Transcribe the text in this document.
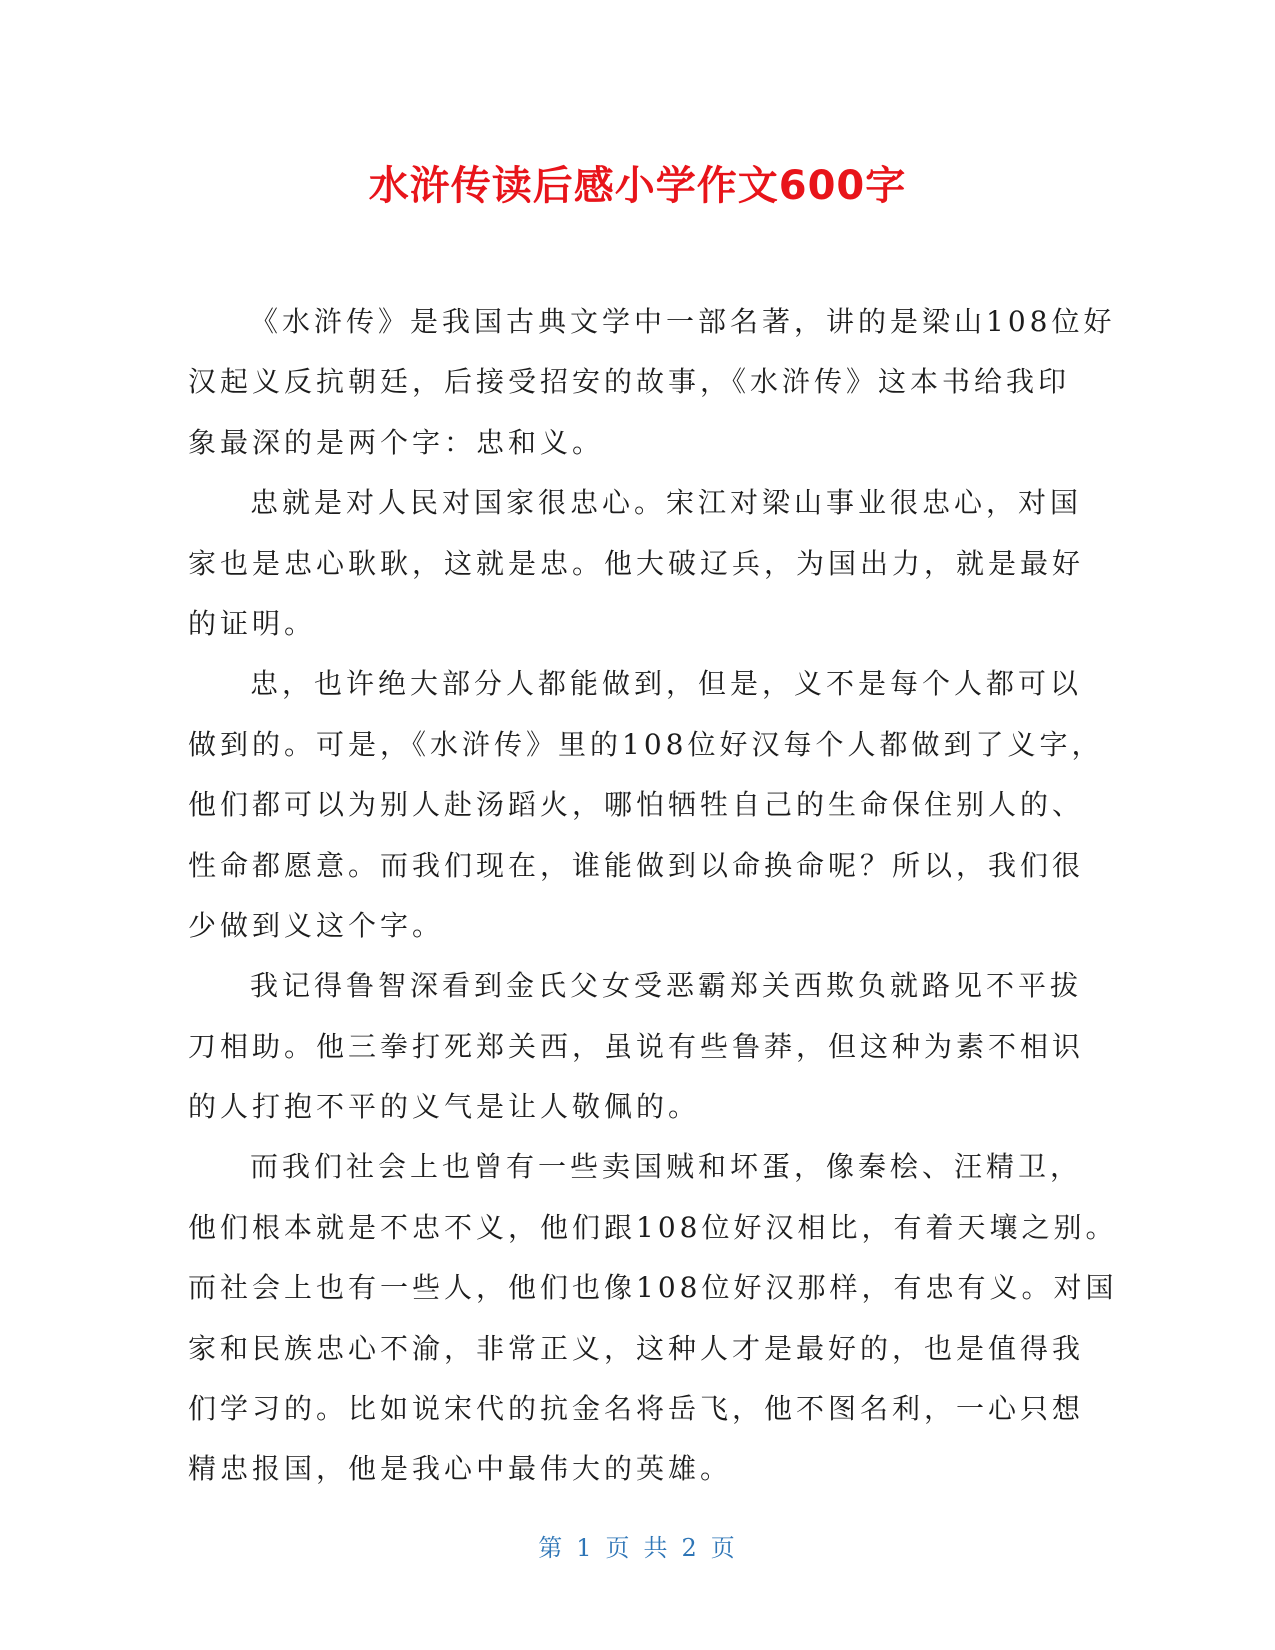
水浒传读后感小学作文600字

《水浒传》是我国古典文学中一部名著，讲的是梁山108位好
汉起义反抗朝廷，后接受招安的故事，《水浒传》这本书给我印
象最深的是两个字：忠和义。

忠就是对人民对国家很忠心。宋江对梁山事业很忠心，对国
家也是忠心耿耿，这就是忠。他大破辽兵，为国出力，就是最好
的证明。

忠，也许绝大部分人都能做到，但是，义不是每个人都可以
做到的。可是，《水浒传》里的108位好汉每个人都做到了义字，
他们都可以为别人赴汤蹈火，哪怕牺牲自己的生命保住别人的、
性命都愿意。而我们现在，谁能做到以命换命呢？所以，我们很
少做到义这个字。

我记得鲁智深看到金氏父女受恶霸郑关西欺负就路见不平拔
刀相助。他三拳打死郑关西，虽说有些鲁莽，但这种为素不相识
的人打抱不平的义气是让人敬佩的。

而我们社会上也曾有一些卖国贼和坏蛋，像秦桧、汪精卫，
他们根本就是不忠不义，他们跟108位好汉相比，有着天壤之别。
而社会上也有一些人，他们也像108位好汉那样，有忠有义。对国
家和民族忠心不渝，非常正义，这种人才是最好的，也是值得我
们学习的。比如说宋代的抗金名将岳飞，他不图名利，一心只想
精忠报国，他是我心中最伟大的英雄。

第 1 页 共 2 页
